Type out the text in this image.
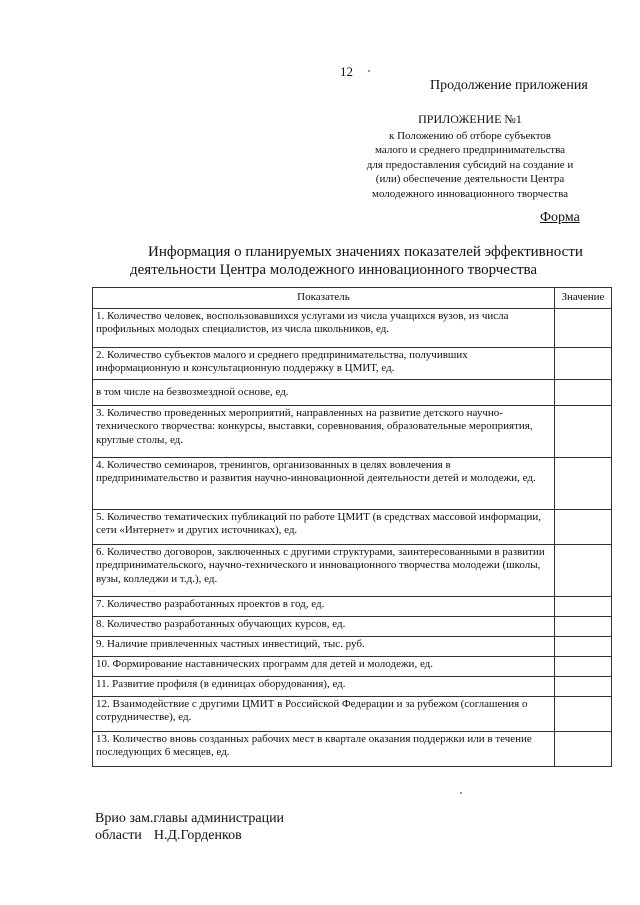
12
Продолжение приложения
ПРИЛОЖЕНИЕ №1
к Положению об отборе субъектов
малого и среднего предпринимательства
для предоставления субсидий на создание и
(или) обеспечение деятельности Центра
молодежного инновационного творчества
Форма
Информация о планируемых значениях показателей эффективности
деятельности Центра молодежного инновационного творчества
Показатель	Значение
1. Количество человек, воспользовавшихся услугами из числа учащихся вузов, из числа профильных молодых специалистов, из числа школьников, ед.	
2. Количество субъектов малого и среднего предпринимательства, получивших информационную и консультационную поддержку в ЦМИТ, ед.	
в том числе на безвозмездной основе, ед.	
3. Количество проведенных мероприятий, направленных на развитие детского научно-технического творчества: конкурсы, выставки, соревнования, образовательные мероприятия, круглые столы, ед.	
4. Количество семинаров, тренингов, организованных в целях вовлечения в предпринимательство и развития научно-инновационной деятельности детей и молодежи, ед.	
5. Количество тематических публикаций по работе ЦМИТ (в средствах массовой информации, сети «Интернет» и других источниках), ед.	
6. Количество договоров, заключенных с другими структурами, заинтересованными в развитии предпринимательского, научно-технического и инновационного творчества молодежи (школы, вузы, колледжи и т.д.), ед.	
7. Количество разработанных проектов в год, ед.	
8. Количество разработанных обучающих курсов, ед.	
9. Наличие привлеченных частных инвестиций, тыс. руб.	
10. Формирование наставнических программ для детей и молодежи, ед.	
11. Развитие профиля (в единицах оборудования), ед.	
12. Взаимодействие с другими ЦМИТ в Российской Федерации и за рубежом (соглашения о сотрудничестве), ед.	
13. Количество вновь созданных рабочих мест в квартале оказания поддержки или в течение последующих 6 месяцев, ед.	
Врио зам.главы администрации
области Н.Д.Горденков
